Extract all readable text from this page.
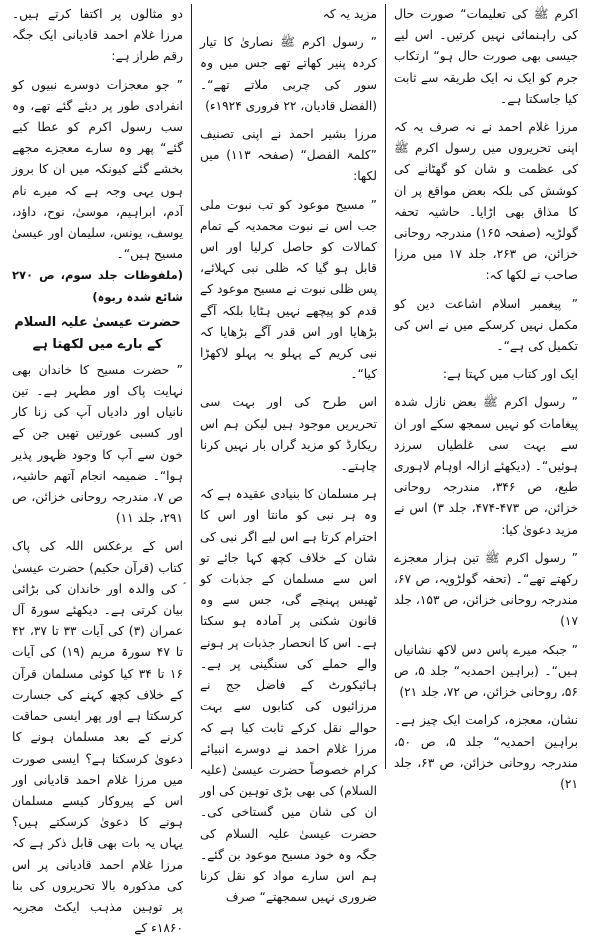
اکرم ﷺ کی تعلیمات“ صورت حال کی راہنمائی نہیں کرتیں۔ اس لیے جیسی بھی صورت حال ہو“ ارتکاب جرم کو ایک نہ ایک طریقہ سے ثابت کیا جاسکتا ہے۔

مرزا غلام احمد نے نہ صرف یہ کہ اپنی تحریروں میں رسول اکرم ﷺ کی عظمت و شان کو گھٹانے کی کوشش کی بلکہ بعض مواقع پر ان کا مذاق بھی اڑایا۔ حاشیہ تحفہ گولڑیہ (صفحہ ۱۶۵) مندرجہ روحانی خزائن، ص ۲۶۳، جلد ۱۷ میں مرزا صاحب نے لکھا کہ:

” پیغمبر اسلام اشاعت دین کو مکمل نہیں کرسکے میں نے اس کی تکمیل کی ہے“۔

ایک اور کتاب میں کہتا ہے:

” رسول اکرم ﷺ بعض نازل شدہ پیغامات کو نہیں سمجھ سکے اور ان سے بہت سی غلطیاں سرزد ہوئیں“۔ (دیکھئے ازالہ اوہام لاہوری طبع، ص ۳۴۶، مندرجہ روحانی خزائن، ص ۴۷۳-۴۷۴، جلد ۳) اس نے مزید دعویٰ کیا:

” رسول اکرم ﷺ تین ہزار معجزے رکھتے تھے“۔ (تحفہ گولڑویہ، ص ۶۷، مندرجہ روحانی خزائن، ص ۱۵۳، جلد ۱۷)

” جبکہ میرے پاس دس لاکھ نشانیاں ہیں“۔ (براہین احمدیہ“ جلد ۵، ص ۵۶، روحانی خزائن، ص ۷۲، جلد ۲۱)

نشان، معجزہ، کرامت ایک چیز ہے۔ براہین احمدیہ“ جلد ۵، ص ۵۰، مندرجہ روحانی خزائن، ص ۶۳، جلد ۲۱)

مزید یہ کہ

” رسول اکرم ﷺ نصاریٰ کا تیار کردہ پنیر کھاتے تھے جس میں وہ سور کی چربی ملاتے تھے“۔ (الفضل قادیان، ۲۲ فروری ۱۹۲۴ء)

مرزا بشیر احمد نے اپنی تصنیف ”کلمۃ الفصل“ (صفحہ ۱۱۳) میں لکھا:

” مسیح موعود کو تب نبوت ملی جب اس نے نبوت محمدیہ کے تمام کمالات کو حاصل کرلیا اور اس قابل ہو گیا کہ ظلی نبی کہلائے، پس ظلی نبوت نے مسیح موعود کے قدم کو پیچھے نہیں ہٹایا بلکہ آگے بڑھایا اور اس قدر آگے بڑھایا کہ نبی کریم کے پہلو بہ پہلو لاکھڑا کیا“۔

اس طرح کی اور بہت سی تحریریں موجود ہیں لیکن ہم اس ریکارڈ کو مزید گراں بار نہیں کرنا چاہتے۔

ہر مسلمان کا بنیادی عقیدہ ہے کہ وہ ہر نبی کو مانتا اور اس کا احترام کرتا ہے اس لیے اگر نبی کی شان کے خلاف کچھ کہا جائے تو اس سے مسلمان کے جذبات کو ٹھیس پہنچے گی، جس سے وہ قانون شکنی پر آمادہ ہو سکتا ہے۔ اس کا انحصار جذبات پر ہونے والے حملے کی سنگینی پر ہے۔ ہائیکورٹ کے فاضل جج نے مرزائیوں کی کتابوں سے بہت حوالے نقل کرکے ثابت کیا ہے کہ مرزا غلام احمد نے دوسرے انبیائے کرام خصوصاً حضرت عیسیٰ (علیہ السلام) کی بھی بڑی توہین کی اور ان کی شان میں گستاخی کی۔ حضرت عیسیٰ علیہ السلام کی جگہ وہ خود مسیح موعود بن گئے۔ ہم اس سارے مواد کو نقل کرنا ضروری نہیں سمجھتے“ صرف

دو مثالوں پر اکتفا کرتے ہیں۔ مرزا غلام احمد قادیانی ایک جگہ رقم طراز ہے:

” جو معجزات دوسرے نبیوں کو انفرادی طور پر دیئے گئے تھے، وہ سب رسول اکرم کو عطا کیے گئے“ پھر وہ سارے معجزے مجھے بخشے گئے کیونکہ میں ان کا بروز ہوں یہی وجہ ہے کہ میرے نام آدم، ابراہیم، موسیٰ، نوح، داؤد، یوسف، یونس، سلیمان اور عیسیٰ مسیح ہیں“۔

(ملفوظات جلد سوم، ص ۲۷۰ شائع شدہ ربوہ)

حضرت عیسیٰ علیہ السلام کے بارے میں لکھتا ہے

” حضرت مسیح کا خاندان بھی نہایت پاک اور مطہر ہے۔ تین نانیاں اور دادیاں آپ کی زنا کار اور کسبی عورتیں تھیں جن کے خون سے آپ کا وجود ظہور پذیر ہوا“۔ ضمیمہ انجام آتھم حاشیہ، ص ۷، مندرجہ روحانی خزائن، ص ۲۹۱، جلد ۱۱)

اس کے برعکس اللہ کی پاک کتاب (قرآن حکیم) حضرت عیسیٰ ؑ کی والدہ اور خاندان کی بڑائی بیان کرتی ہے۔ دیکھئے سورۃ آل عمران (۳) کی آیات ۳۳ تا ۳۷، ۴۲ تا ۴۷ سورۃ مریم (۱۹) کی آیات ۱۶ تا ۳۴ کیا کوئی مسلمان قرآن کے خلاف کچھ کہنے کی جسارت کرسکتا ہے اور پھر ایسی حماقت کرنے کے بعد مسلمان ہونے کا دعویٰ کرسکتا ہے؟ ایسی صورت میں مرزا غلام احمد قادیانی اور اس کے پیروکار کیسے مسلمان ہونے کا دعویٰ کرسکتے ہیں؟ یہاں یہ بات بھی قابل ذکر ہے کہ مرزا غلام احمد قادیانی پر اس کی مذکورہ بالا تحریروں کی بنا پر توہین مذہب ایکٹ مجریہ ۱۸۶۰ء کے
